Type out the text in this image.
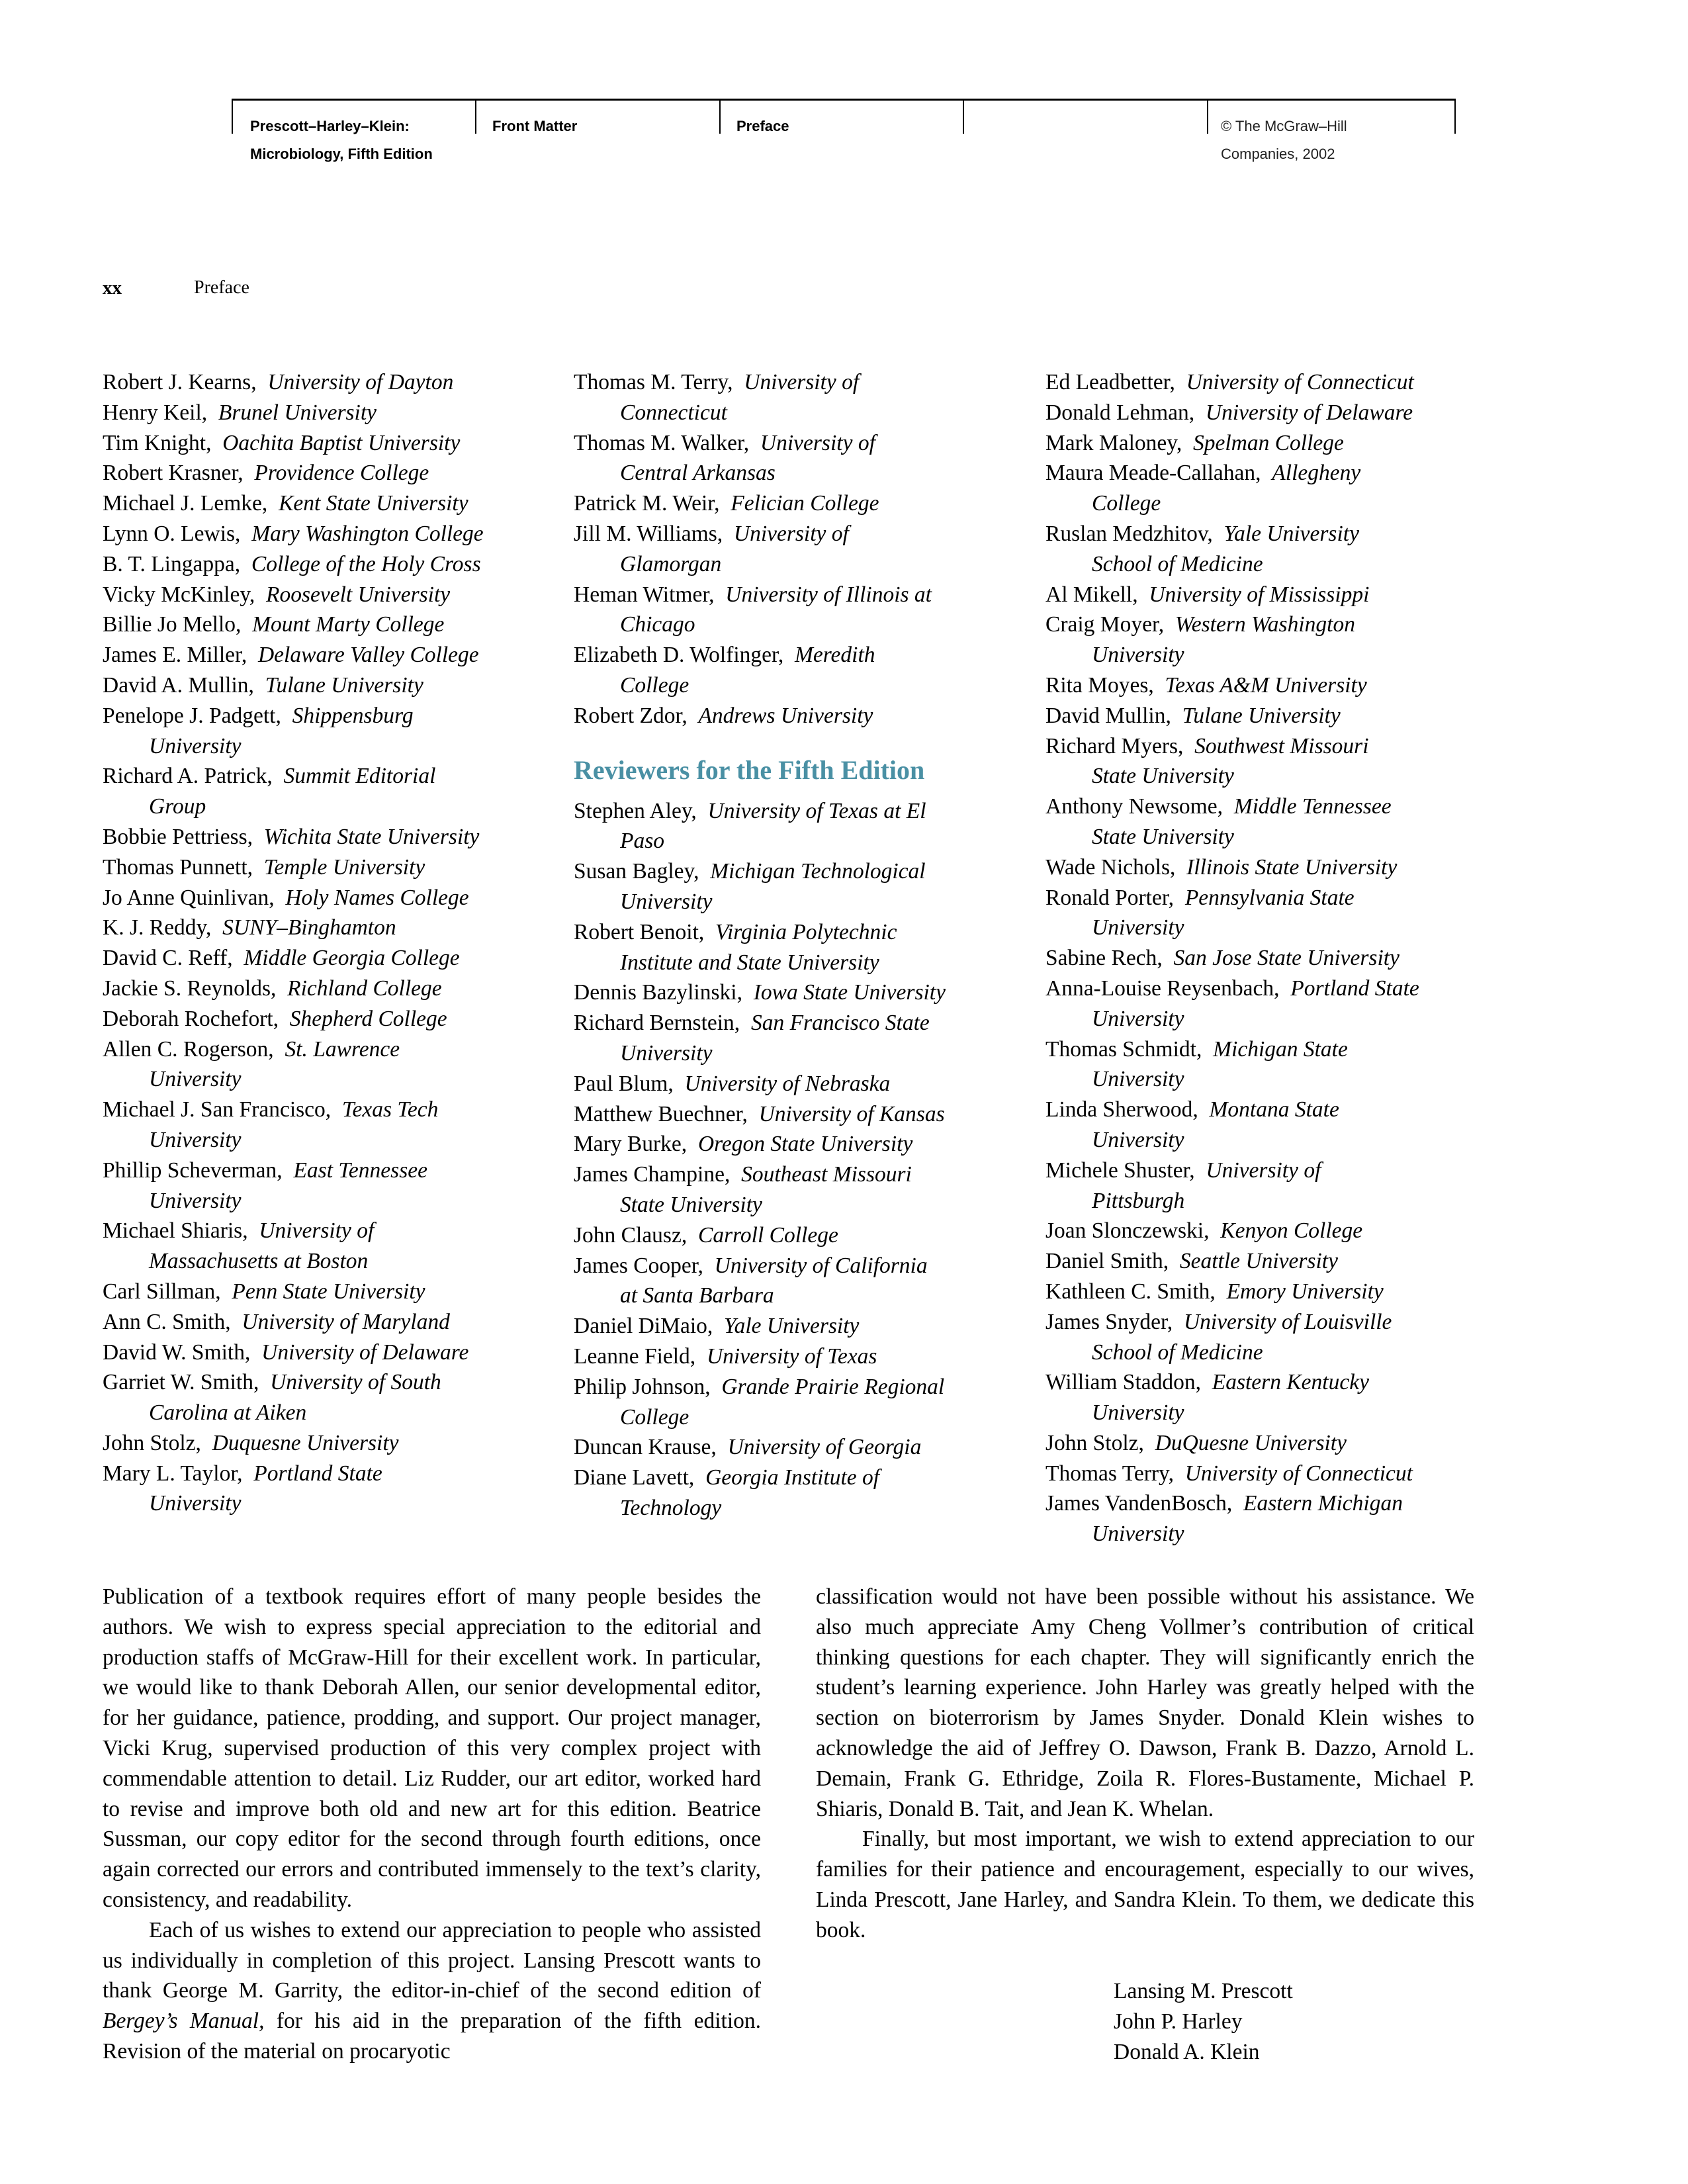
Prescott–Harley–Klein:
Microbiology, Fifth Edition
Front Matter	Preface	© The McGraw–Hill
Companies, 2002
xx	Preface
Robert J. Kearns, University of Dayton
Henry Keil, Brunel University
Tim Knight, Oachita Baptist University
Robert Krasner, Providence College
Michael J. Lemke, Kent State University
Lynn O. Lewis, Mary Washington College
B. T. Lingappa, College of the Holy Cross
Vicky McKinley, Roosevelt University
Billie Jo Mello, Mount Marty College
James E. Miller, Delaware Valley College
David A. Mullin, Tulane University
Penelope J. Padgett, Shippensburg
University
Richard A. Patrick, Summit Editorial
Group
Bobbie Pettriess, Wichita State University
Thomas Punnett, Temple University
Jo Anne Quinlivan, Holy Names College
K. J. Reddy, SUNY–Binghamton
David C. Reff, Middle Georgia College
Jackie S. Reynolds, Richland College
Deborah Rochefort, Shepherd College
Allen C. Rogerson, St. Lawrence
University
Michael J. San Francisco, Texas Tech
University
Phillip Scheverman, East Tennessee
University
Michael Shiaris, University of
Massachusetts at Boston
Carl Sillman, Penn State University
Ann C. Smith, University of Maryland
David W. Smith, University of Delaware
Garriet W. Smith, University of South
Carolina at Aiken
John Stolz, Duquesne University
Mary L. Taylor, Portland State
University
Thomas M. Terry, University of
Connecticut
Thomas M. Walker, University of
Central Arkansas
Patrick M. Weir, Felician College
Jill M. Williams, University of
Glamorgan
Heman Witmer, University of Illinois at
Chicago
Elizabeth D. Wolfinger, Meredith
College
Robert Zdor, Andrews University
Reviewers for the Fifth Edition
Stephen Aley, University of Texas at El
Paso
Susan Bagley, Michigan Technological
University
Robert Benoit, Virginia Polytechnic
Institute and State University
Dennis Bazylinski, Iowa State University
Richard Bernstein, San Francisco State
University
Paul Blum, University of Nebraska
Matthew Buechner, University of Kansas
Mary Burke, Oregon State University
James Champine, Southeast Missouri
State University
John Clausz, Carroll College
James Cooper, University of California
at Santa Barbara
Daniel DiMaio, Yale University
Leanne Field, University of Texas
Philip Johnson, Grande Prairie Regional
College
Duncan Krause, University of Georgia
Diane Lavett, Georgia Institute of
Technology
Ed Leadbetter, University of Connecticut
Donald Lehman, University of Delaware
Mark Maloney, Spelman College
Maura Meade-Callahan, Allegheny
College
Ruslan Medzhitov, Yale University
School of Medicine
Al Mikell, University of Mississippi
Craig Moyer, Western Washington
University
Rita Moyes, Texas A&M University
David Mullin, Tulane University
Richard Myers, Southwest Missouri
State University
Anthony Newsome, Middle Tennessee
State University
Wade Nichols, Illinois State University
Ronald Porter, Pennsylvania State
University
Sabine Rech, San Jose State University
Anna-Louise Reysenbach, Portland State
University
Thomas Schmidt, Michigan State
University
Linda Sherwood, Montana State
University
Michele Shuster, University of
Pittsburgh
Joan Slonczewski, Kenyon College
Daniel Smith, Seattle University
Kathleen C. Smith, Emory University
James Snyder, University of Louisville
School of Medicine
William Staddon, Eastern Kentucky
University
John Stolz, DuQuesne University
Thomas Terry, University of Connecticut
James VandenBosch, Eastern Michigan
University

Publication of a textbook requires effort of many people besides the authors. We wish to express special appreciation to the editorial and production staffs of McGraw-Hill for their excellent work. In particular, we would like to thank Deborah Allen, our senior developmental editor, for her guidance, patience, prodding, and support. Our project manager, Vicki Krug, supervised production of this very complex project with commendable attention to detail. Liz Rudder, our art editor, worked hard to revise and improve both old and new art for this edition. Beatrice Sussman, our copy editor for the second through fourth editions, once again corrected our errors and contributed immensely to the text’s clarity, consistency, and readability.

Each of us wishes to extend our appreciation to people who assisted us individually in completion of this project. Lansing Prescott wants to thank George M. Garrity, the editor-in-chief of the second edition of Bergey’s Manual, for his aid in the preparation of the fifth edition. Revision of the material on procaryotic

classification would not have been possible without his assistance. We also much appreciate Amy Cheng Vollmer’s contribution of critical thinking questions for each chapter. They will significantly enrich the student’s learning experience. John Harley was greatly helped with the section on bioterrorism by James Snyder. Donald Klein wishes to acknowledge the aid of Jeffrey O. Dawson, Frank B. Dazzo, Arnold L. Demain, Frank G. Ethridge, Zoila R. Flores-Bustamente, Michael P. Shiaris, Donald B. Tait, and Jean K. Whelan.

Finally, but most important, we wish to extend appreciation to our families for their patience and encouragement, especially to our wives, Linda Prescott, Jane Harley, and Sandra Klein. To them, we dedicate this book.

Lansing M. Prescott
John P. Harley
Donald A. Klein
